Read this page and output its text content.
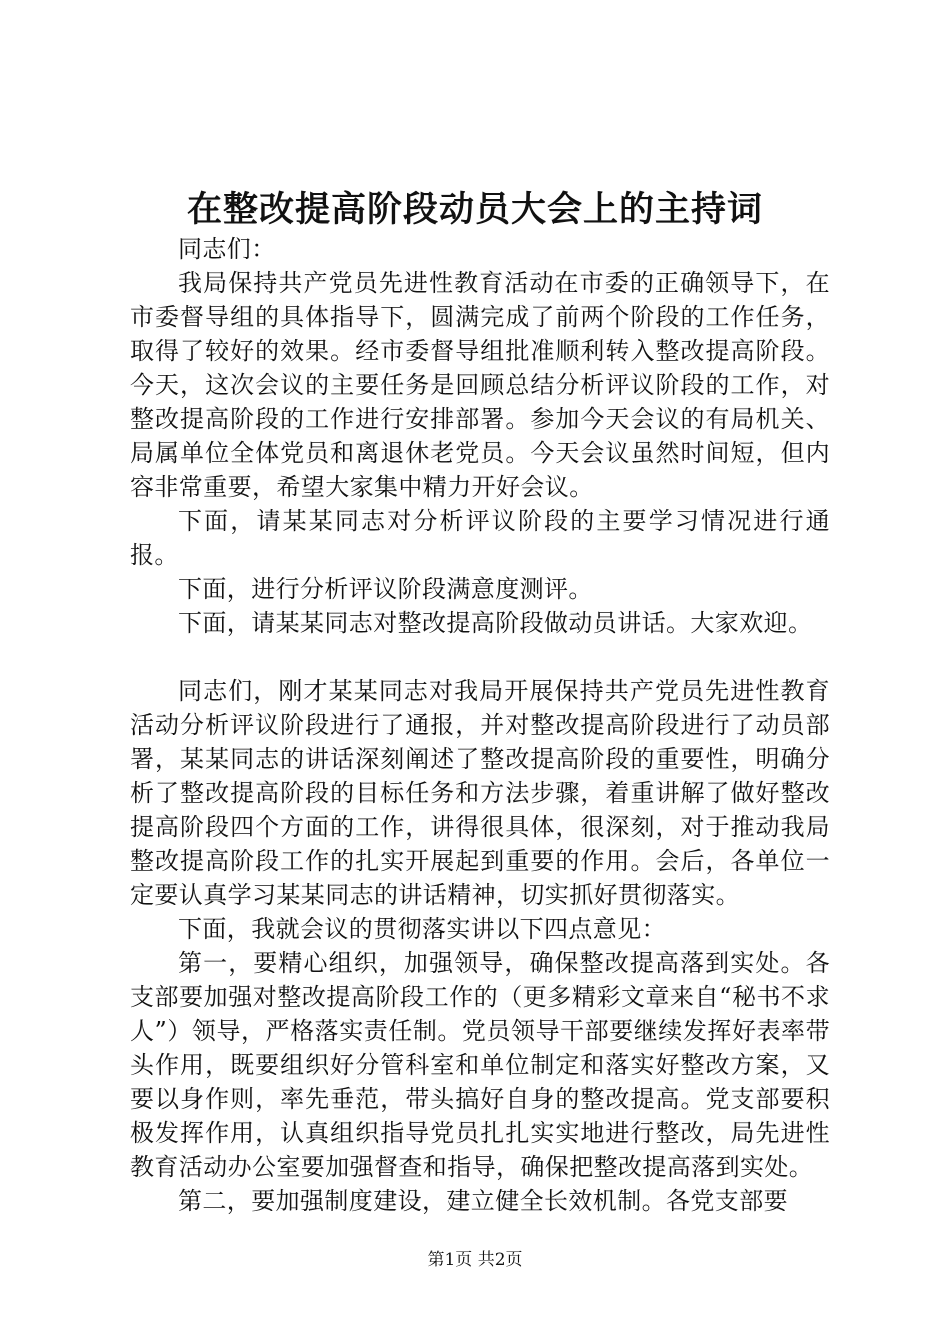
在整改提高阶段动员大会上的主持词

同志们：

我局保持共产党员先进性教育活动在市委的正确领导下，在市委督导组的具体指导下，圆满完成了前两个阶段的工作任务，取得了较好的效果。经市委督导组批准顺利转入整改提高阶段。今天，这次会议的主要任务是回顾总结分析评议阶段的工作，对整改提高阶段的工作进行安排部署。参加今天会议的有局机关、局属单位全体党员和离退休老党员。今天会议虽然时间短，但内容非常重要，希望大家集中精力开好会议。

下面，请某某同志对分析评议阶段的主要学习情况进行通报。

下面，进行分析评议阶段满意度测评。

下面，请某某同志对整改提高阶段做动员讲话。大家欢迎。

同志们，刚才某某同志对我局开展保持共产党员先进性教育活动分析评议阶段进行了通报，并对整改提高阶段进行了动员部署，某某同志的讲话深刻阐述了整改提高阶段的重要性，明确分析了整改提高阶段的目标任务和方法步骤，着重讲解了做好整改提高阶段四个方面的工作，讲得很具体，很深刻，对于推动我局整改提高阶段工作的扎实开展起到重要的作用。会后，各单位一定要认真学习某某同志的讲话精神，切实抓好贯彻落实。

下面，我就会议的贯彻落实讲以下四点意见：

第一，要精心组织，加强领导，确保整改提高落到实处。各支部要加强对整改提高阶段工作的（更多精彩文章来自“秘书不求人”）领导，严格落实责任制。党员领导干部要继续发挥好表率带头作用，既要组织好分管科室和单位制定和落实好整改方案，又要以身作则，率先垂范，带头搞好自身的整改提高。党支部要积极发挥作用，认真组织指导党员扎扎实实地进行整改，局先进性教育活动办公室要加强督查和指导，确保把整改提高落到实处。

第二，要加强制度建设，建立健全长效机制。各党支部要

第1页 共2页
